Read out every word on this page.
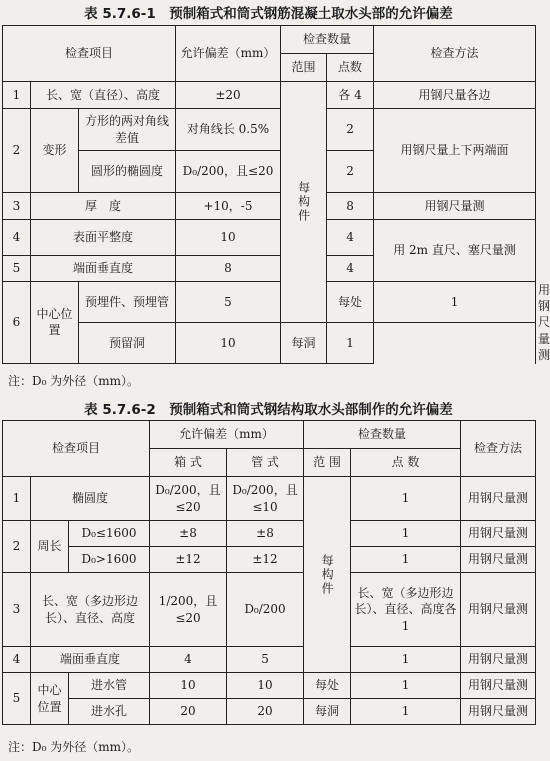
表 5.7.6-1　预制箱式和筒式钢筋混凝土取水头部的允许偏差
检查项目			允许偏差（mm）	检查数量		检查方法	
				范围	点数		
1	长、宽（直径）、高度		±20	每构件	各 4	用钢尺量各边	
2	变形	方形的两对角线差值	对角线长 0.5%		2	用钢尺量上下两端面	
		圆形的椭圆度	D₀/200，且≤20		2		
3	厚　度		+10，-5		8	用钢尺量测	
4	表面平整度		10		4	用 2m 直尺、塞尺量测	
5	端面垂直度		8		4		
6	中心位置	预埋件、预埋管	5		每处	1	用钢尺量测
		预留洞	10	每洞	1		
注：D₀ 为外径（mm）。
表 5.7.6-2　预制箱式和筒式钢结构取水头部制作的允许偏差
检查项目			允许偏差（mm）		检查数量		检查方法
			箱 式	管 式	范 围	点 数	
1	椭圆度		D₀/200，且≤20	D₀/200，且≤10	每构件	1	用钢尺量测
2	周长	D₀≤1600	±8	±8		1	用钢尺量测
		D₀>1600	±12	±12		1	用钢尺量测
3	长、宽（多边形边长）、直径、高度		1/200，且≤20	D₀/200		长、宽（多边形边长）、直径、高度各 1	用钢尺量测
4	端面垂直度		4	5		1	用钢尺量测
5	中心位置	进水管	10	10	每处	1	用钢尺量测
		进水孔	20	20	每洞	1	用钢尺量测
注：D₀ 为外径（mm）。
